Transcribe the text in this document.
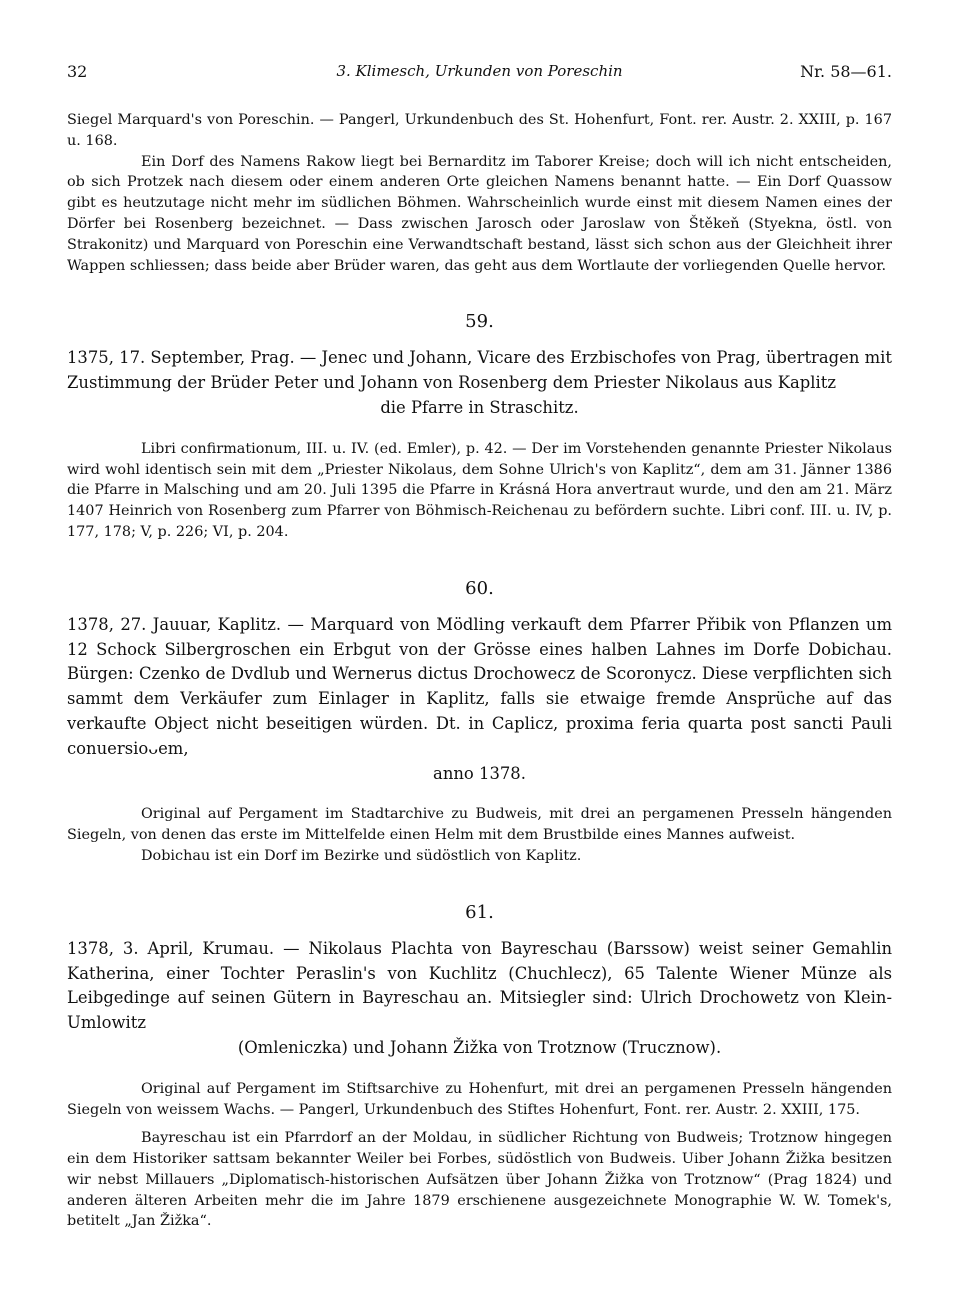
32	3. Klimesch, Urkunden von Poreschin	Nr. 58—61.

Siegel Marquard's von Poreschin. — Pangerl, Urkundenbuch des St. Hohenfurt, Font. rer. Austr. 2. XXIII, p. 167 u. 168.

Ein Dorf des Namens Rakow liegt bei Bernarditz im Taborer Kreise; doch will ich nicht entscheiden, ob sich Protzek nach diesem oder einem anderen Orte gleichen Namens benannt hatte. — Ein Dorf Quassow gibt es heutzutage nicht mehr im südlichen Böhmen. Wahrscheinlich wurde einst mit diesem Namen eines der Dörfer bei Rosenberg bezeichnet. — Dass zwischen Jarosch oder Jaroslaw von Štěkeň (Styekna, östl. von Strakonitz) und Marquard von Poreschin eine Verwandtschaft bestand, lässt sich schon aus der Gleichheit ihrer Wappen schliessen; dass beide aber Brüder waren, das geht aus dem Wortlaute der vorliegenden Quelle hervor.

59.

1375, 17. September, Prag. — Jenec und Johann, Vicare des Erzbischofes von Prag, übertragen mit Zustimmung der Brüder Peter und Johann von Rosenberg dem Priester Nikolaus aus Kaplitz
die Pfarre in Straschitz.

Libri confirmationum, III. u. IV. (ed. Emler), p. 42. — Der im Vorstehenden genannte Priester Nikolaus wird wohl identisch sein mit dem „Priester Nikolaus, dem Sohne Ulrich's von Kaplitz“, dem am 31. Jänner 1386 die Pfarre in Malsching und am 20. Juli 1395 die Pfarre in Krásná Hora anvertraut wurde, und den am 21. März 1407 Heinrich von Rosenberg zum Pfarrer von Böhmisch-Reichenau zu befördern suchte. Libri conf. III. u. IV, p. 177, 178; V, p. 226; VI, p. 204.

60.

1378, 27. Jauuar, Kaplitz. — Marquard von Mödling verkauft dem Pfarrer Přibik von Pflanzen um 12 Schock Silbergroschen ein Erbgut von der Grösse eines halben Lahnes im Dorfe Dobichau. Bürgen: Czenko de Dvdlub und Wernerus dictus Drochowecz de Scoronycz. Diese verpflichten sich sammt dem Verkäufer zum Einlager in Kaplitz, falls sie etwaige fremde Ansprüche auf das verkaufte Object nicht beseitigen würden. Dt. in Caplicz, proxima feria quarta post sancti Pauli conuersioᴗem,
anno 1378.

Original auf Pergament im Stadtarchive zu Budweis, mit drei an pergamenen Presseln hängenden Siegeln, von denen das erste im Mittelfelde einen Helm mit dem Brustbilde eines Mannes aufweist.

Dobichau ist ein Dorf im Bezirke und südöstlich von Kaplitz.

61.

1378, 3. April, Krumau. — Nikolaus Plachta von Bayreschau (Barssow) weist seiner Gemahlin Katherina, einer Tochter Peraslin's von Kuchlitz (Chuchlecz), 65 Talente Wiener Münze als Leibgedinge auf seinen Gütern in Bayreschau an. Mitsiegler sind: Ulrich Drochowetz von Klein-Umlowitz
(Omleniczka) und Johann Žižka von Trotznow (Trucznow).

Original auf Pergament im Stiftsarchive zu Hohenfurt, mit drei an pergamenen Presseln hängenden Siegeln von weissem Wachs. — Pangerl, Urkundenbuch des Stiftes Hohenfurt, Font. rer. Austr. 2. XXIII, 175.

Bayreschau ist ein Pfarrdorf an der Moldau, in südlicher Richtung von Budweis; Trotznow hingegen ein dem Historiker sattsam bekannter Weiler bei Forbes, südöstlich von Budweis. Uiber Johann Žižka besitzen wir nebst Millauers „Diplomatisch-historischen Aufsätzen über Johann Žižka von Trotznow“ (Prag 1824) und anderen älteren Arbeiten mehr die im Jahre 1879 erschienene ausgezeichnete Monographie W. W. Tomek's, betitelt „Jan Žižka“.
